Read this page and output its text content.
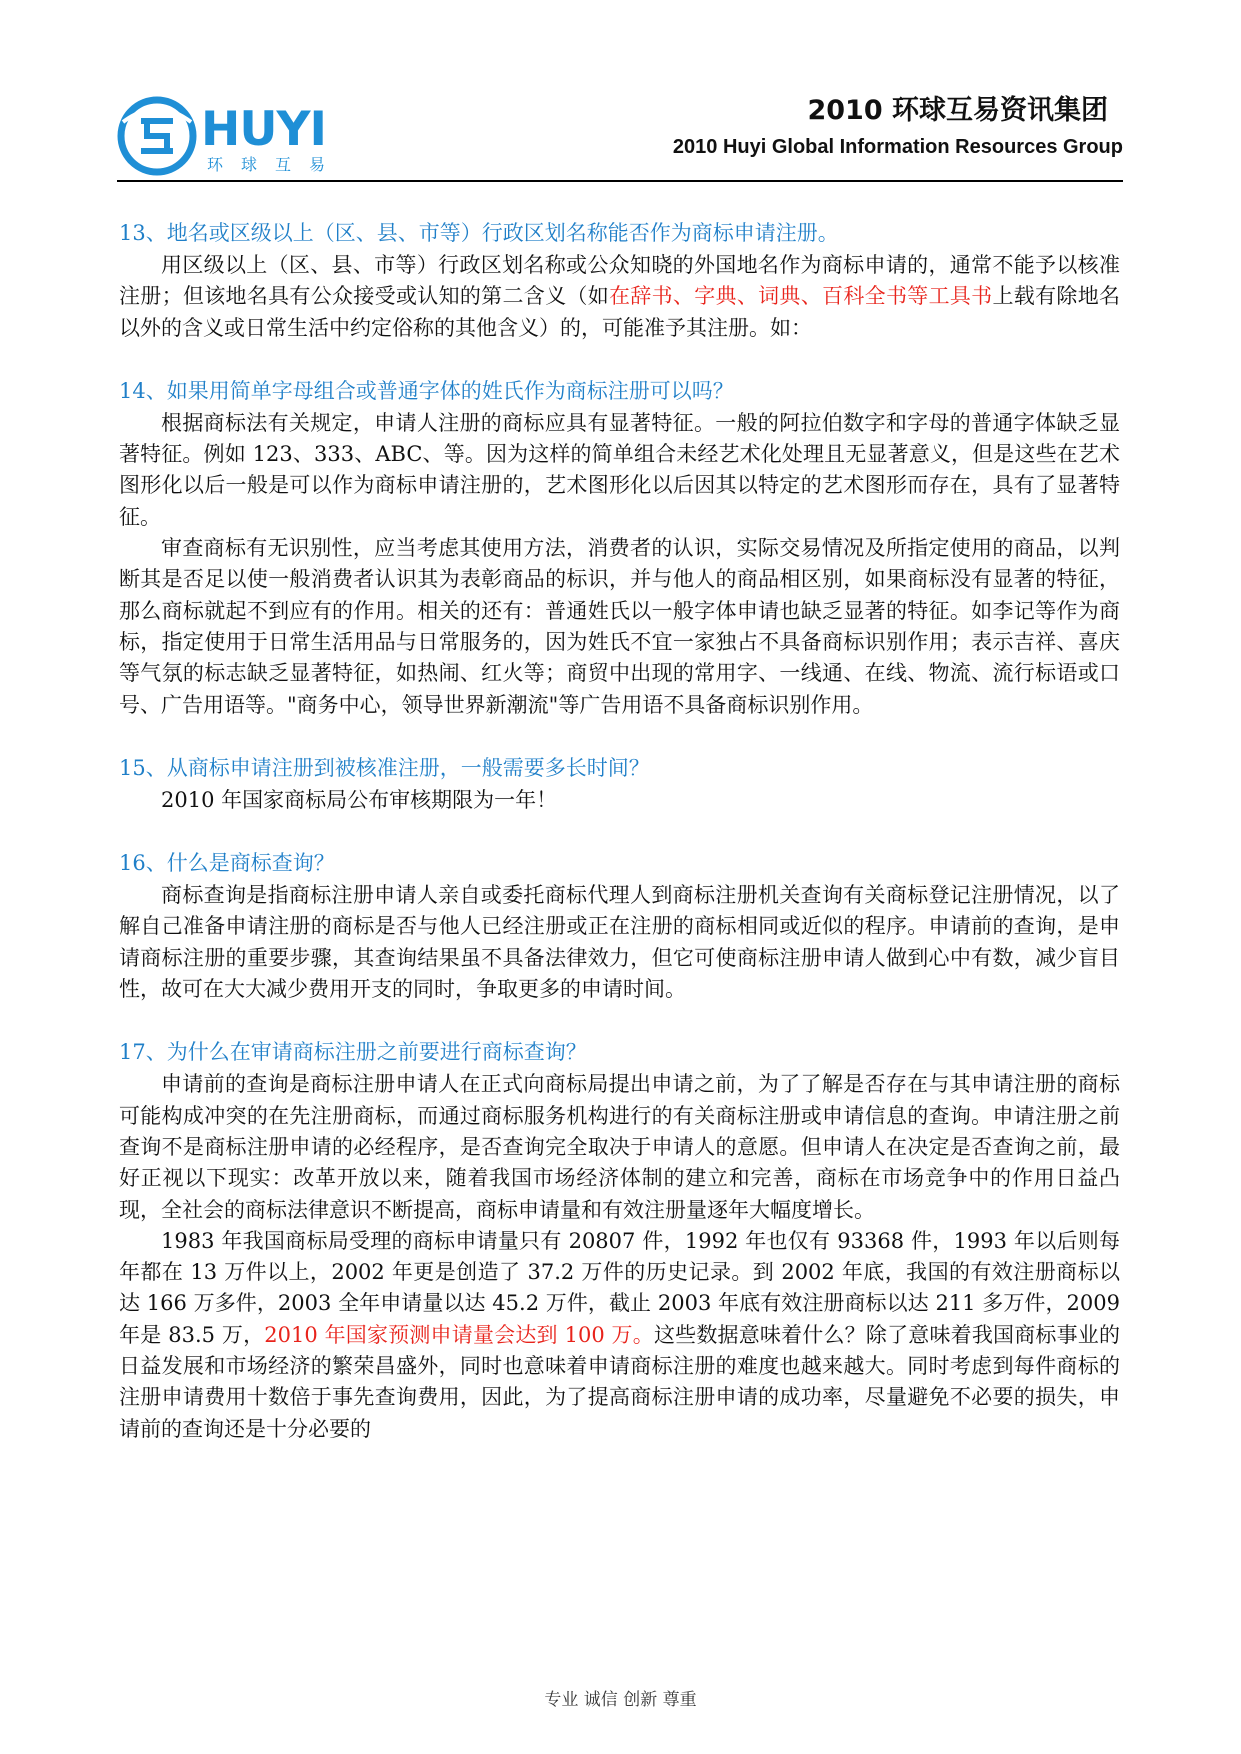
HUYI
环球互易
2010 环球互易资讯集团
2010 Huyi Global Information Resources Group

13、地名或区级以上（区、县、市等）行政区划名称能否作为商标申请注册。

用区级以上（区、县、市等）行政区划名称或公众知晓的外国地名作为商标申请的，通常不能予以核准注册；但该地名具有公众接受或认知的第二含义（如在辞书、字典、词典、百科全书等工具书上载有除地名以外的含义或日常生活中约定俗称的其他含义）的，可能准予其注册。如：

14、如果用简单字母组合或普通字体的姓氏作为商标注册可以吗？

根据商标法有关规定，申请人注册的商标应具有显著特征。一般的阿拉伯数字和字母的普通字体缺乏显著特征。例如 123、333、ABC、等。因为这样的简单组合未经艺术化处理且无显著意义，但是这些在艺术图形化以后一般是可以作为商标申请注册的，艺术图形化以后因其以特定的艺术图形而存在，具有了显著特征。

审查商标有无识别性，应当考虑其使用方法，消费者的认识，实际交易情况及所指定使用的商品，以判断其是否足以使一般消费者认识其为表彰商品的标识，并与他人的商品相区别，如果商标没有显著的特征，那么商标就起不到应有的作用。相关的还有：普通姓氏以一般字体申请也缺乏显著的特征。如李记等作为商标，指定使用于日常生活用品与日常服务的，因为姓氏不宜一家独占不具备商标识别作用；表示吉祥、喜庆等气氛的标志缺乏显著特征，如热闹、红火等；商贸中出现的常用字、一线通、在线、物流、流行标语或口号、广告用语等。"商务中心，领导世界新潮流"等广告用语不具备商标识别作用。

15、从商标申请注册到被核准注册，一般需要多长时间？

2010 年国家商标局公布审核期限为一年！

16、什么是商标查询？

商标查询是指商标注册申请人亲自或委托商标代理人到商标注册机关查询有关商标登记注册情况，以了解自己准备申请注册的商标是否与他人已经注册或正在注册的商标相同或近似的程序。申请前的查询，是申请商标注册的重要步骤，其查询结果虽不具备法律效力，但它可使商标注册申请人做到心中有数，减少盲目性，故可在大大减少费用开支的同时，争取更多的申请时间。

17、为什么在审请商标注册之前要进行商标查询？

申请前的查询是商标注册申请人在正式向商标局提出申请之前，为了了解是否存在与其申请注册的商标可能构成冲突的在先注册商标，而通过商标服务机构进行的有关商标注册或申请信息的查询。申请注册之前查询不是商标注册申请的必经程序，是否查询完全取决于申请人的意愿。但申请人在决定是否查询之前，最好正视以下现实：改革开放以来，随着我国市场经济体制的建立和完善，商标在市场竞争中的作用日益凸现，全社会的商标法律意识不断提高，商标申请量和有效注册量逐年大幅度增长。

1983 年我国商标局受理的商标申请量只有 20807 件，1992 年也仅有 93368 件，1993 年以后则每年都在 13 万件以上，2002 年更是创造了 37.2 万件的历史记录。到 2002 年底，我国的有效注册商标以达 166 万多件，2003 全年申请量以达 45.2 万件，截止 2003 年底有效注册商标以达 211 多万件，2009 年是 83.5 万，2010 年国家预测申请量会达到 100 万。这些数据意味着什么？除了意味着我国商标事业的日益发展和市场经济的繁荣昌盛外，同时也意味着申请商标注册的难度也越来越大。同时考虑到每件商标的注册申请费用十数倍于事先查询费用，因此，为了提高商标注册申请的成功率，尽量避免不必要的损失，申请前的查询还是十分必要的

专业 诚信 创新 尊重
